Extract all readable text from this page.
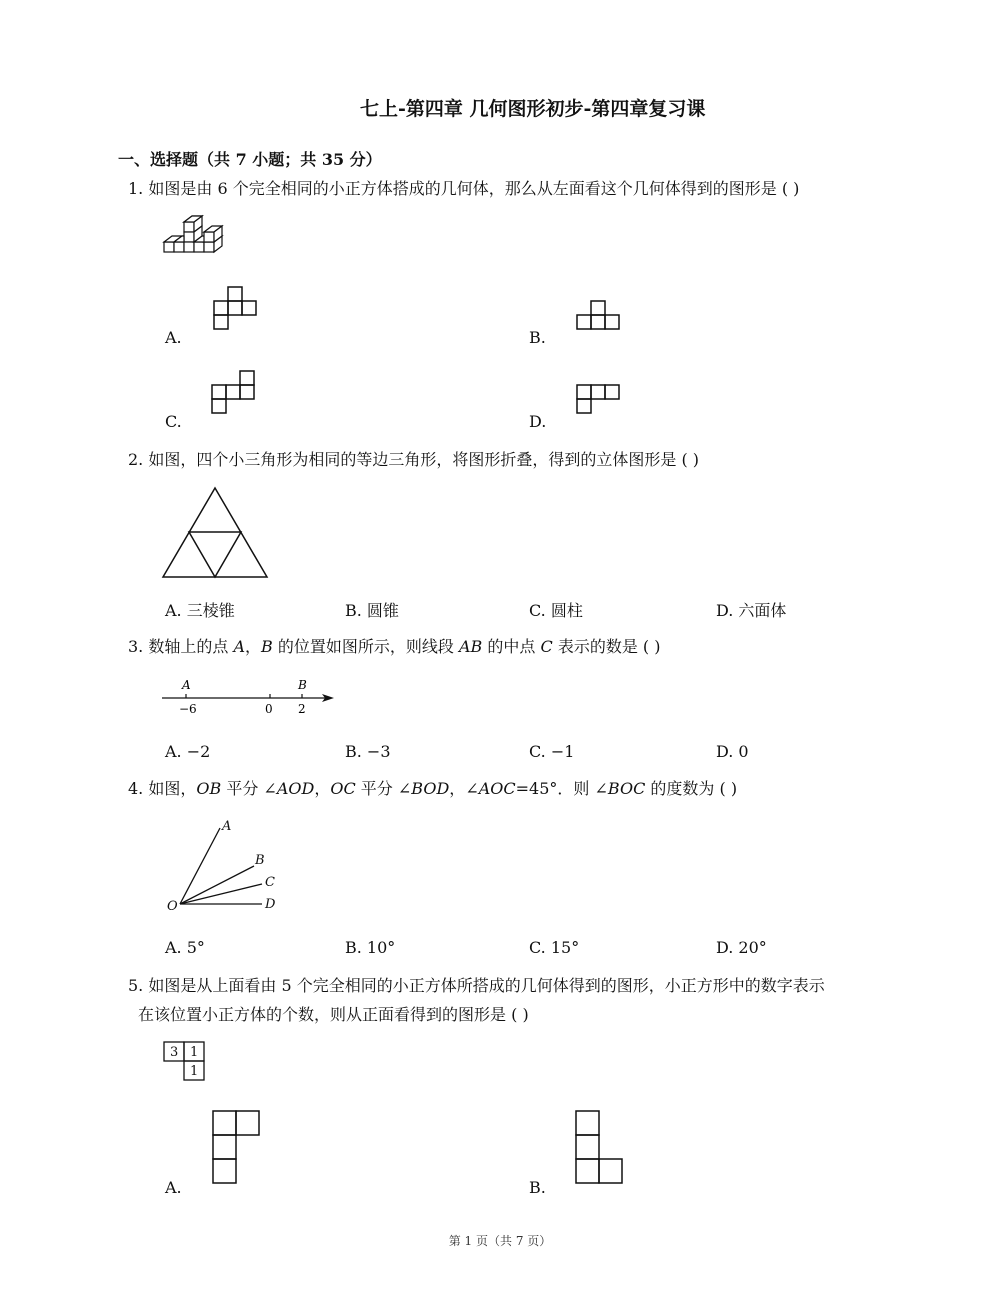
七上-第四章 几何图形初步-第四章复习课
一、选择题（共 7 小题；共 35 分）
1. 如图是由 6 个完全相同的小正方体搭成的几何体，那么从左面看这个几何体得到的图形是 ( )
A.	B.
C.	D.
2. 如图，四个小三角形为相同的等边三角形，将图形折叠，得到的立体图形是 ( )
A. 三棱锥	B. 圆锥	C. 圆柱	D. 六面体
3. 数轴上的点 A，B 的位置如图所示，则线段 AB 的中点 C 表示的数是 ( )
A	B
−6	0 2
A. −2	B. −3	C. −1	D. 0
4. 如图，OB 平分 ∠AOD，OC 平分 ∠BOD，∠AOC=45°．则 ∠BOC 的度数为 ( )
A
B
C
D
O
A. 5°	B. 10°	C. 15°	D. 20°
5. 如图是从上面看由 5 个完全相同的小正方体所搭成的几何体得到的图形，小正方形中的数字表示
在该位置小正方体的个数，则从正面看得到的图形是 ( )
3 1
1
A.	B.
第 1 页（共 7 页）
